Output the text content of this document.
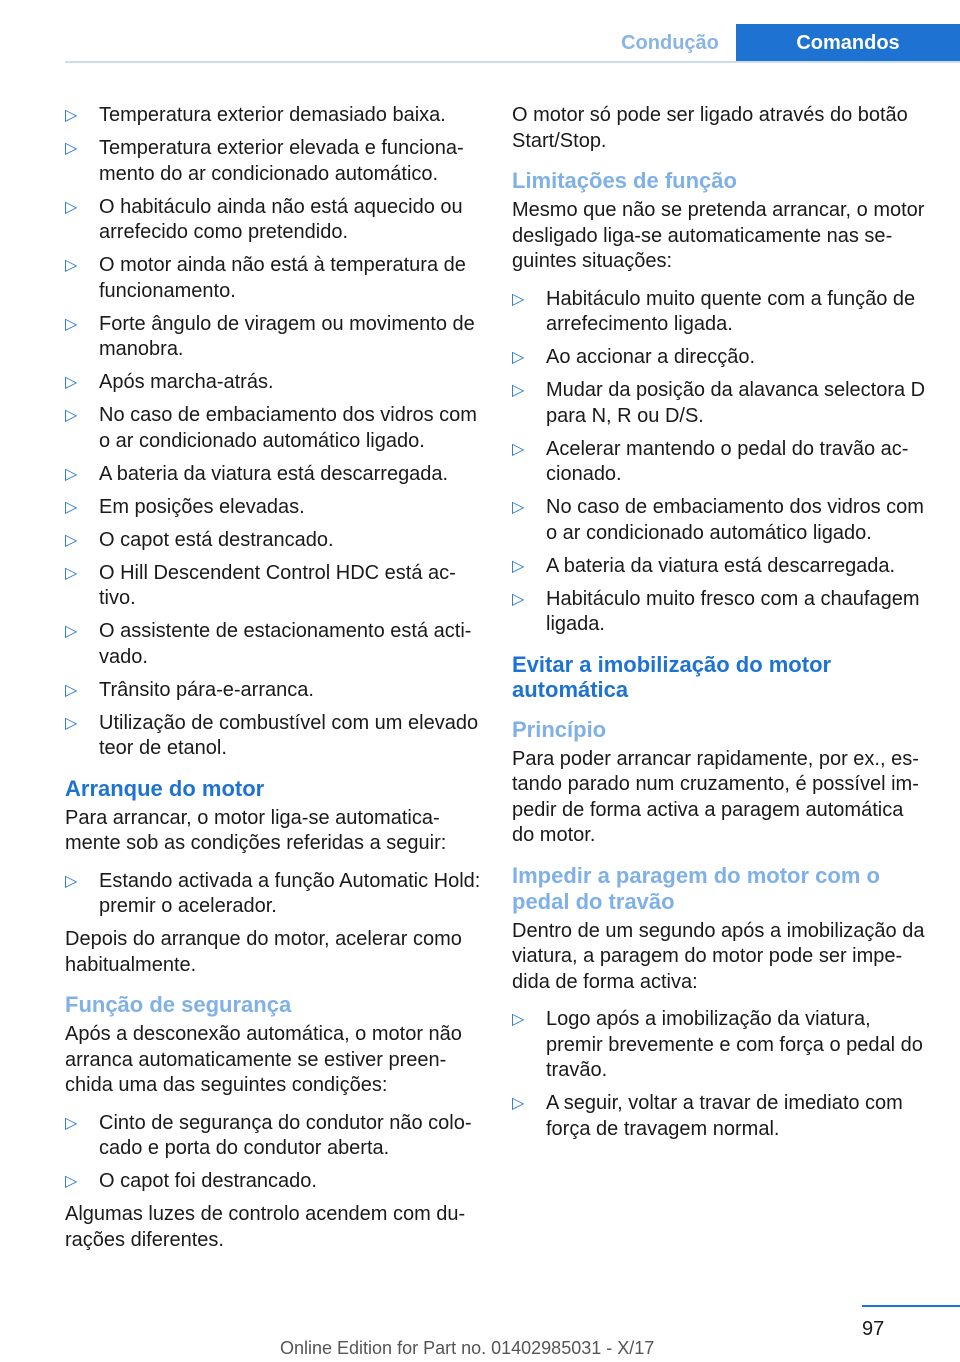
Condução	Comandos
▷ Temperatura exterior demasiado baixa.
▷ Temperatura exterior elevada e funcionamento do ar condicionado automático.
▷ O habitáculo ainda não está aquecido ou arrefecido como pretendido.
▷ O motor ainda não está à temperatura de funcionamento.
▷ Forte ângulo de viragem ou movimento de manobra.
▷ Após marcha-atrás.
▷ No caso de embaciamento dos vidros com o ar condicionado automático ligado.
▷ A bateria da viatura está descarregada.
▷ Em posições elevadas.
▷ O capot está destrancado.
▷ O Hill Descendent Control HDC está activo.
▷ O assistente de estacionamento está activado.
▷ Trânsito pára-e-arranca.
▷ Utilização de combustível com um elevado teor de etanol.
Arranque do motor

Para arrancar, o motor liga-se automaticamente sob as condições referidas a seguir:

▷ Estando activada a função Automatic Hold: premir o acelerador.

Depois do arranque do motor, acelerar como habitualmente.

Função de segurança

Após a desconexão automática, o motor não arranca automaticamente se estiver preenchida uma das seguintes condições:

▷ Cinto de segurança do condutor não colocado e porta do condutor aberta.
▷ O capot foi destrancado.

Algumas luzes de controlo acendem com durações diferentes.

O motor só pode ser ligado através do botão Start/Stop.

Limitações de função

Mesmo que não se pretenda arrancar, o motor desligado liga-se automaticamente nas seguintes situações:

▷ Habitáculo muito quente com a função de arrefecimento ligada.
▷ Ao accionar a direcção.
▷ Mudar da posição da alavanca selectora D para N, R ou D/S.
▷ Acelerar mantendo o pedal do travão accionado.
▷ No caso de embaciamento dos vidros com o ar condicionado automático ligado.
▷ A bateria da viatura está descarregada.
▷ Habitáculo muito fresco com a chaufagem ligada.
Evitar a imobilização do motor automática
Princípio

Para poder arrancar rapidamente, por ex., estando parado num cruzamento, é possível impedir de forma activa a paragem automática do motor.

Impedir a paragem do motor com o pedal do travão

Dentro de um segundo após a imobilização da viatura, a paragem do motor pode ser impedida de forma activa:

▷ Logo após a imobilização da viatura, premir brevemente e com força o pedal do travão.
▷ A seguir, voltar a travar de imediato com força de travagem normal.
97
Online Edition for Part no. 01402985031 - X/17
